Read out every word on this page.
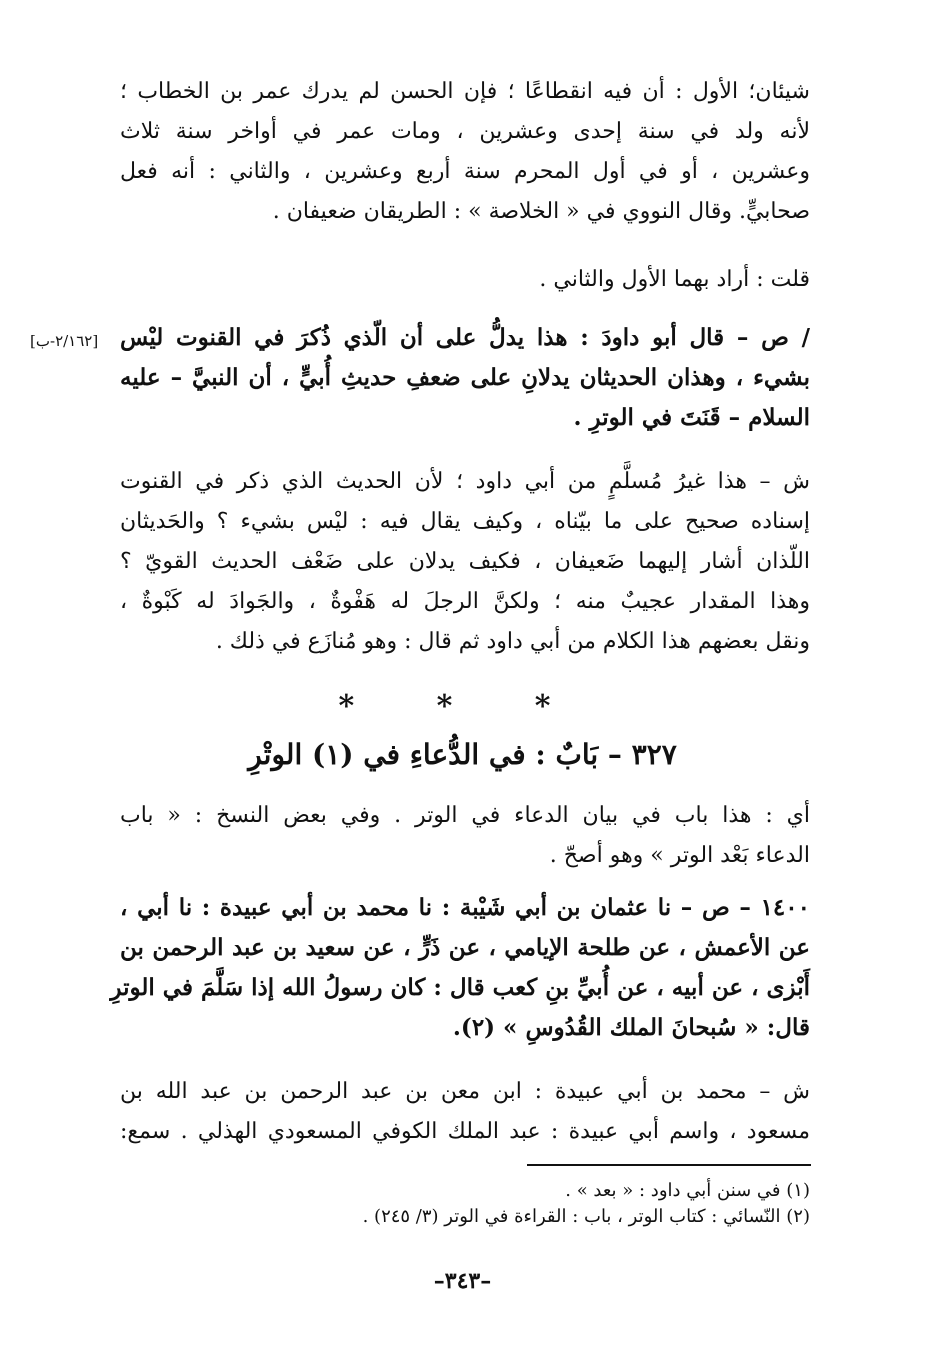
شيئان؛ الأول : أن فيه انقطاعًا ؛ فإن الحسن لم يدرك عمر بن الخطاب ؛
لأنه ولد في سنة إحدى وعشرين ، ومات عمر في أواخر سنة ثلاث
وعشرين ، أو في أول المحرم سنة أربع وعشرين ، والثاني : أنه فعل
صحابيٍّ. وقال النووي في « الخلاصة » : الطريقان ضعيفان .
قلت : أراد بهما الأول والثاني .
[٢/١٦٢-ب] / ص – قال أبو داودَ : هذا يدلُّ على أن الّذي ذُكرَ في القنوت ليْس
بشيء ، وهذان الحديثان يدلانِ على ضعفِ حديثِ أُبيٍّ ، أن النبيَّ – عليه
السلام – قَنَتَ في الوترِ .
ش – هذا غيرُ مُسلَّمٍ من أبي داود ؛ لأن الحديث الذي ذكر في القنوت
إسناده صحيح على ما بيّناه ، وكيف يقال فيه : ليْس بشيء ؟ والحَديثان
اللّذان أشار إليهما ضَعيفان ، فكيف يدلان على ضَعْف الحديث القويّ ؟
وهذا المقدار عجيبٌ منه ؛ ولكنَّ الرجلَ له هَفْوةٌ ، والجَوادَ له كَبْوةٌ ،
ونقل بعضهم هذا الكلام من أبي داود ثم قال : وهو مُنازَع في ذلك .
* * *
٣٢٧ – بَابٌ : في الدُّعاءِ في (١) الوتْرِ
أي : هذا باب في بيان الدعاء في الوتر . وفي بعض النسخ : « باب
الدعاء بَعْد الوتر » وهو أصحّ .
١٤٠٠ – ص – نا عثمان بن أبي شَيْبة : نا محمد بن أبي عبيدة : نا أبي ،
عن الأعمش ، عن طلحة الإيامي ، عن ذَرٍّ ، عن سعيد بن عبد الرحمن بن
أَبْزى ، عن أبيه ، عن أُبيِّ بنِ كعب قال : كان رسولُ الله إذا سَلَّمَ في الوترِ
قال: « سُبحانَ الملك القُدُوسِ » (٢).
ش – محمد بن أبي عبيدة : ابن معن بن عبد الرحمن بن عبد الله بن
مسعود ، واسم أبي عبيدة : عبد الملك الكوفي المسعودي الهذلي . سمع:
(١) في سنن أبي داود : « بعد » .
(٢) النّسائي : كتاب الوتر ، باب : القراءة في الوتر (٣/ ٢٤٥) .
–٣٤٣–
